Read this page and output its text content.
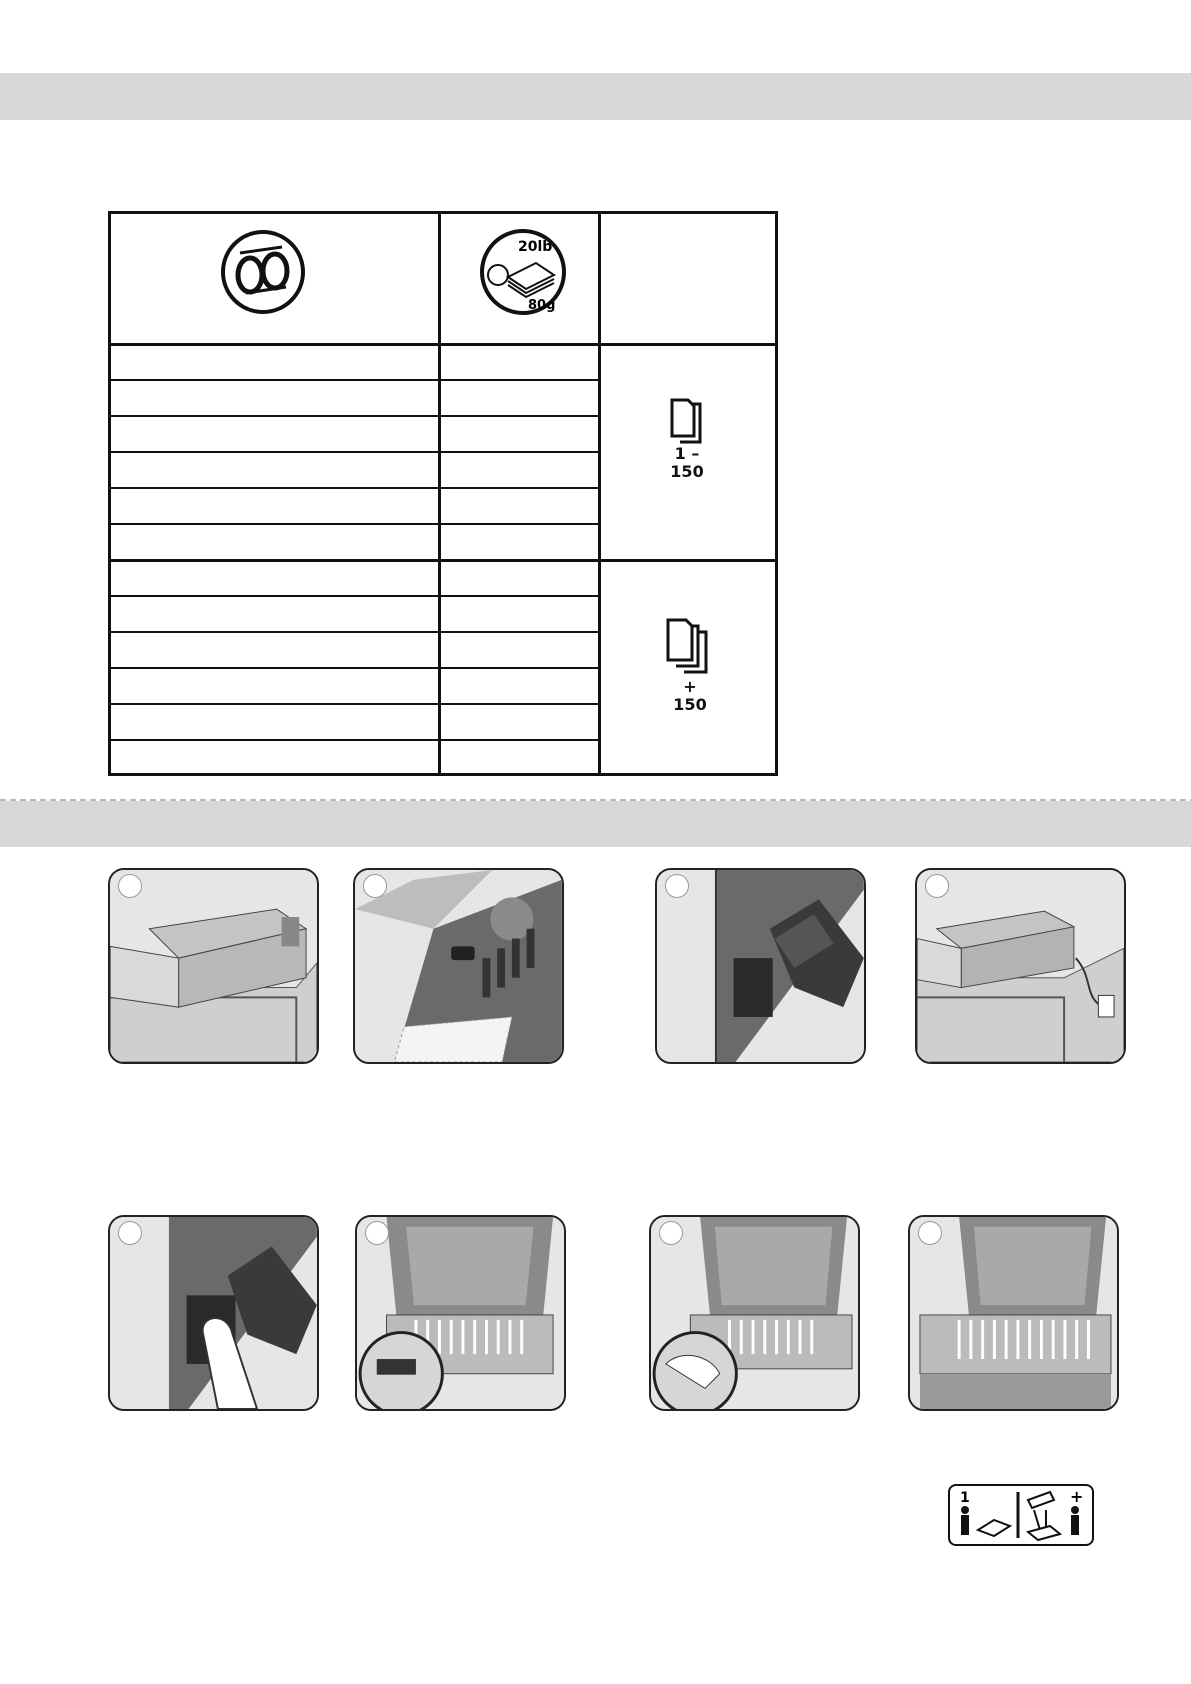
20lb
80g
1 –
150
+
150
1	+
